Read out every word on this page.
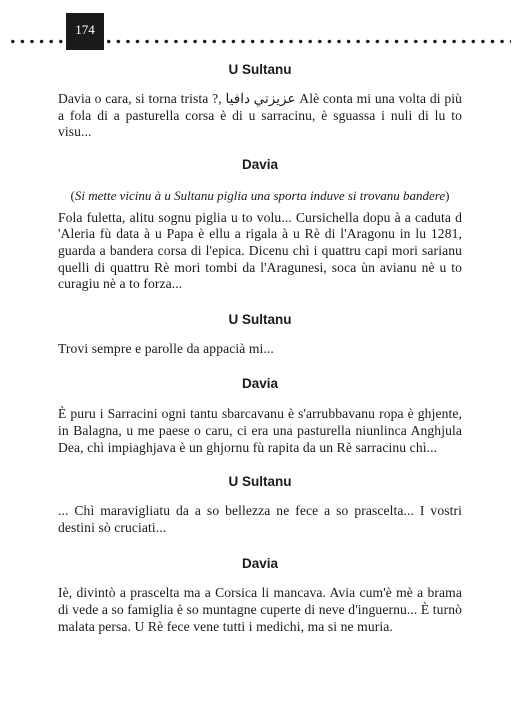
174

U Sultanu

Davia o cara, si torna trista ?, عزيزتي دافيا Alè conta mi una volta di più a fola di a pasturella corsa è di u sarracinu, è sguassa i nuli di lu to visu...

Davia

(Si mette vicinu à u Sultanu piglia una sporta induve si trovanu bandere)

Fola fuletta, alitu sognu piglia u to volu... Cursichella dopu à a caduta d 'Aleria fù data à u Papa è ellu a rigala à u Rè di l'Aragonu in lu 1281, guarda a bandera corsa di l'epica. Dicenu chì i quattru capi mori sarianu quelli di quattru Rè mori tombi da l'Aragunesi, soca ùn avianu nè u to curagiu nè a to forza...

U Sultanu

Trovi sempre e parolle da appacià mi...

Davia

È puru i Sarracini ogni tantu sbarcavanu è s'arrubbavanu ropa è ghjente, in Balagna, u me paese o caru, ci era una pasturella niunlinca Anghjula Dea, chì impiaghjava è un ghjornu fù rapita da un Rè sarracinu chì...

U Sultanu

... Chì maravigliatu da a so bellezza ne fece a so prascelta... I vostri destini sò cruciati...

Davia

Iè, divintò a prascelta ma a Corsica li mancava. Avia cum'è mè a brama di vede a so famiglia è so muntagne cuperte di neve d'inguernu... È turnò malata persa. U Rè fece vene tutti i medichi, ma si ne muria.
